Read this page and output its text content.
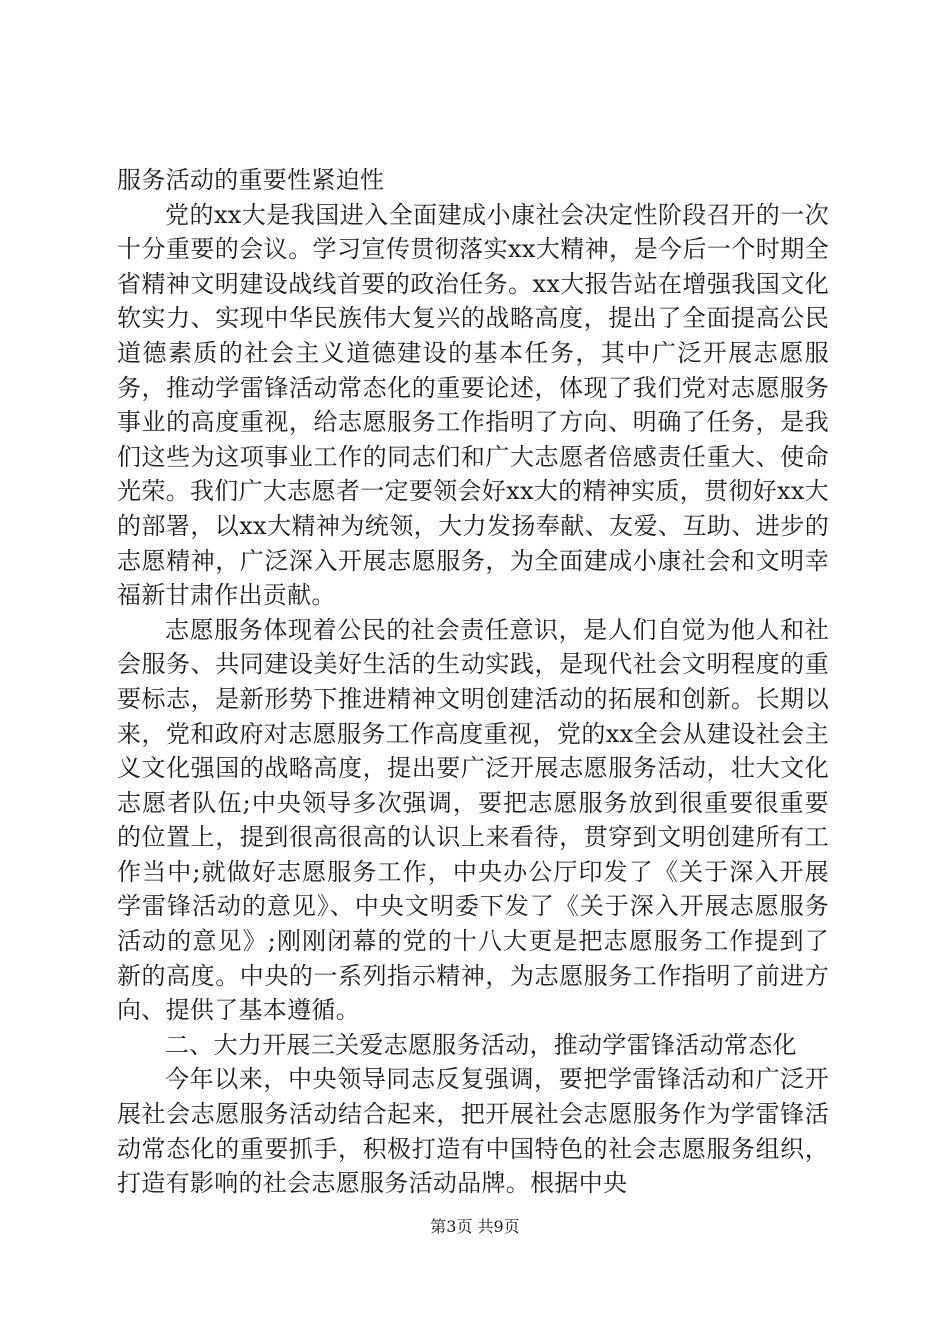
服务活动的重要性紧迫性

党的xx大是我国进入全面建成小康社会决定性阶段召开的一次十分重要的会议。学习宣传贯彻落实xx大精神，是今后一个时期全省精神文明建设战线首要的政治任务。xx大报告站在增强我国文化软实力、实现中华民族伟大复兴的战略高度，提出了全面提高公民道德素质的社会主义道德建设的基本任务，其中广泛开展志愿服务，推动学雷锋活动常态化的重要论述，体现了我们党对志愿服务事业的高度重视，给志愿服务工作指明了方向、明确了任务，是我们这些为这项事业工作的同志们和广大志愿者倍感责任重大、使命光荣。我们广大志愿者一定要领会好xx大的精神实质，贯彻好xx大的部署，以xx大精神为统领，大力发扬奉献、友爱、互助、进步的志愿精神，广泛深入开展志愿服务，为全面建成小康社会和文明幸福新甘肃作出贡献。

志愿服务体现着公民的社会责任意识，是人们自觉为他人和社会服务、共同建设美好生活的生动实践，是现代社会文明程度的重要标志，是新形势下推进精神文明创建活动的拓展和创新。长期以来，党和政府对志愿服务工作高度重视，党的xx全会从建设社会主义文化强国的战略高度，提出要广泛开展志愿服务活动，壮大文化志愿者队伍;中央领导多次强调，要把志愿服务放到很重要很重要的位置上，提到很高很高的认识上来看待，贯穿到文明创建所有工作当中;就做好志愿服务工作，中央办公厅印发了《关于深入开展学雷锋活动的意见》、中央文明委下发了《关于深入开展志愿服务活动的意见》;刚刚闭幕的党的十八大更是把志愿服务工作提到了新的高度。中央的一系列指示精神，为志愿服务工作指明了前进方向、提供了基本遵循。

二、大力开展三关爱志愿服务活动，推动学雷锋活动常态化

今年以来，中央领导同志反复强调，要把学雷锋活动和广泛开展社会志愿服务活动结合起来，把开展社会志愿服务作为学雷锋活动常态化的重要抓手，积极打造有中国特色的社会志愿服务组织，打造有影响的社会志愿服务活动品牌。根据中央

第3页 共9页
